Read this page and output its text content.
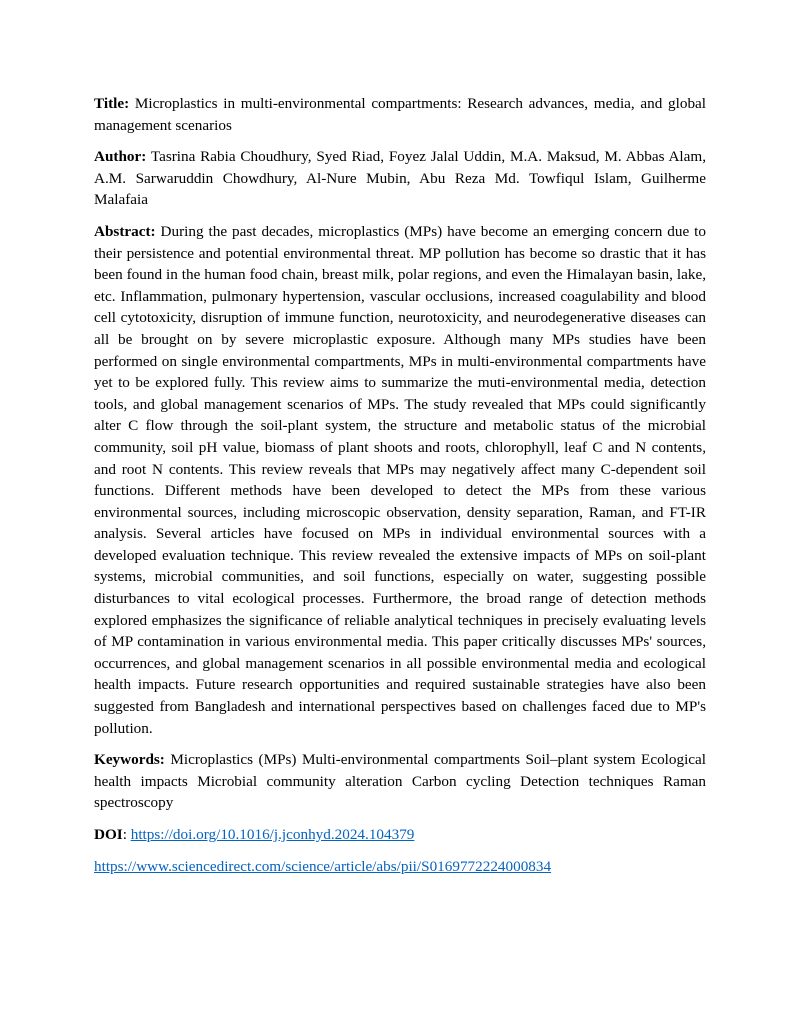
Title: Microplastics in multi-environmental compartments: Research advances, media, and global management scenarios

Author: Tasrina Rabia Choudhury, Syed Riad, Foyez Jalal Uddin, M.A. Maksud, M. Abbas Alam, A.M. Sarwaruddin Chowdhury, Al-Nure Mubin, Abu Reza Md. Towfiqul Islam, Guilherme Malafaia

Abstract: During the past decades, microplastics (MPs) have become an emerging concern due to their persistence and potential environmental threat. MP pollution has become so drastic that it has been found in the human food chain, breast milk, polar regions, and even the Himalayan basin, lake, etc. Inflammation, pulmonary hypertension, vascular occlusions, increased coagulability and blood cell cytotoxicity, disruption of immune function, neurotoxicity, and neurodegenerative diseases can all be brought on by severe microplastic exposure. Although many MPs studies have been performed on single environmental compartments, MPs in multi-environmental compartments have yet to be explored fully. This review aims to summarize the muti-environmental media, detection tools, and global management scenarios of MPs. The study revealed that MPs could significantly alter C flow through the soil-plant system, the structure and metabolic status of the microbial community, soil pH value, biomass of plant shoots and roots, chlorophyll, leaf C and N contents, and root N contents. This review reveals that MPs may negatively affect many C-dependent soil functions. Different methods have been developed to detect the MPs from these various environmental sources, including microscopic observation, density separation, Raman, and FT-IR analysis. Several articles have focused on MPs in individual environmental sources with a developed evaluation technique. This review revealed the extensive impacts of MPs on soil-plant systems, microbial communities, and soil functions, especially on water, suggesting possible disturbances to vital ecological processes. Furthermore, the broad range of detection methods explored emphasizes the significance of reliable analytical techniques in precisely evaluating levels of MP contamination in various environmental media. This paper critically discusses MPs' sources, occurrences, and global management scenarios in all possible environmental media and ecological health impacts. Future research opportunities and required sustainable strategies have also been suggested from Bangladesh and international perspectives based on challenges faced due to MP's pollution.

Keywords: Microplastics (MPs) Multi-environmental compartments Soil–plant system Ecological health impacts Microbial community alteration Carbon cycling Detection techniques Raman spectroscopy

DOI: https://doi.org/10.1016/j.jconhyd.2024.104379

https://www.sciencedirect.com/science/article/abs/pii/S0169772224000834
